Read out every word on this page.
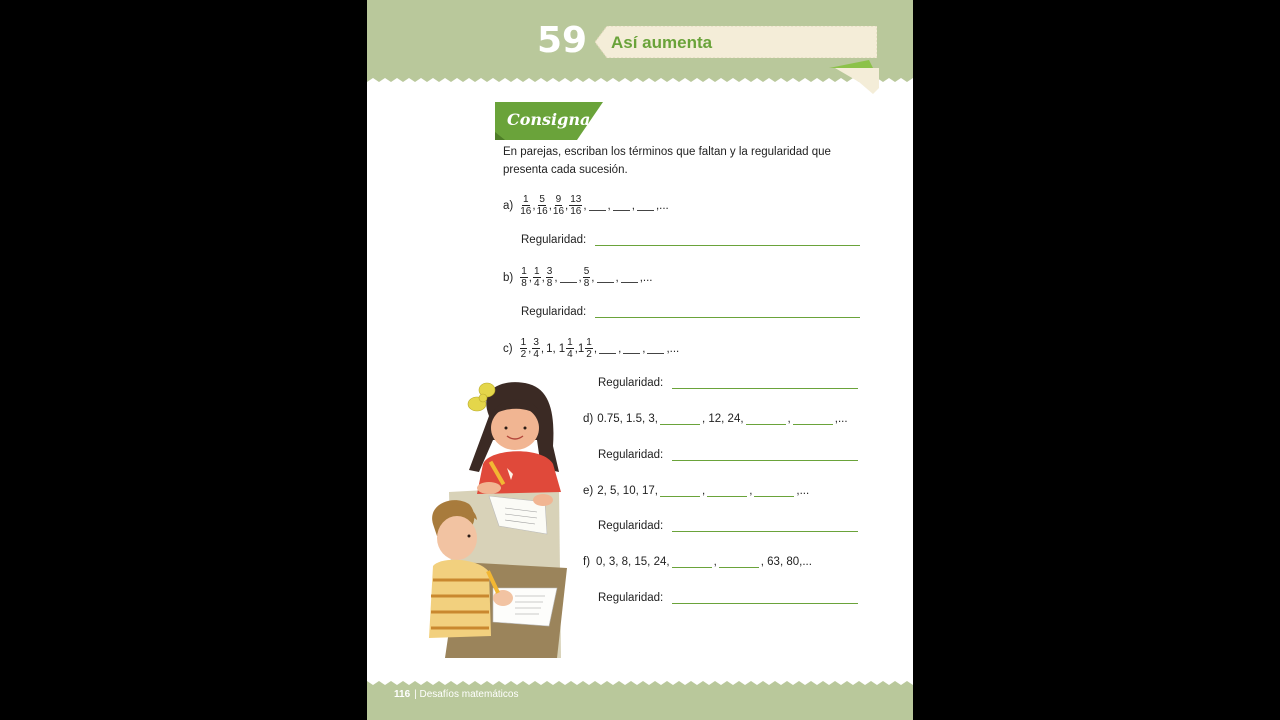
59 Así aumenta
Consigna
En parejas, escriban los términos que faltan y la regularidad que presenta cada sucesión.
$a) \frac{1}{16}$ , $\frac{5}{16}$ , $\frac{9}{16}$ , $\frac{13}{16}$ ,
,
, ,...
Regularidad:
$b) \frac{1}{8}$ , $\frac{1}{4}$ , $\frac{3}{8}$ ,
, $\frac{5}{8}$ ,
, ,...
Regularidad:
$c) \frac{1}{2}$ , $\frac{3}{4}$ , 1, $1 \frac{1}{4}$ , $1 \frac{1}{2}$ ,
,
, ,...
Regularidad:
d) 0.75, 1.5, 3,	, 12, 24,	,	,...
Regularidad:
e) 2, 5, 10, 17,	,	,	,...
Regularidad:
f) 0, 3, 8, 15, 24,	,	, 63, 80,...
Regularidad:
116 | Desafíos matemáticos
